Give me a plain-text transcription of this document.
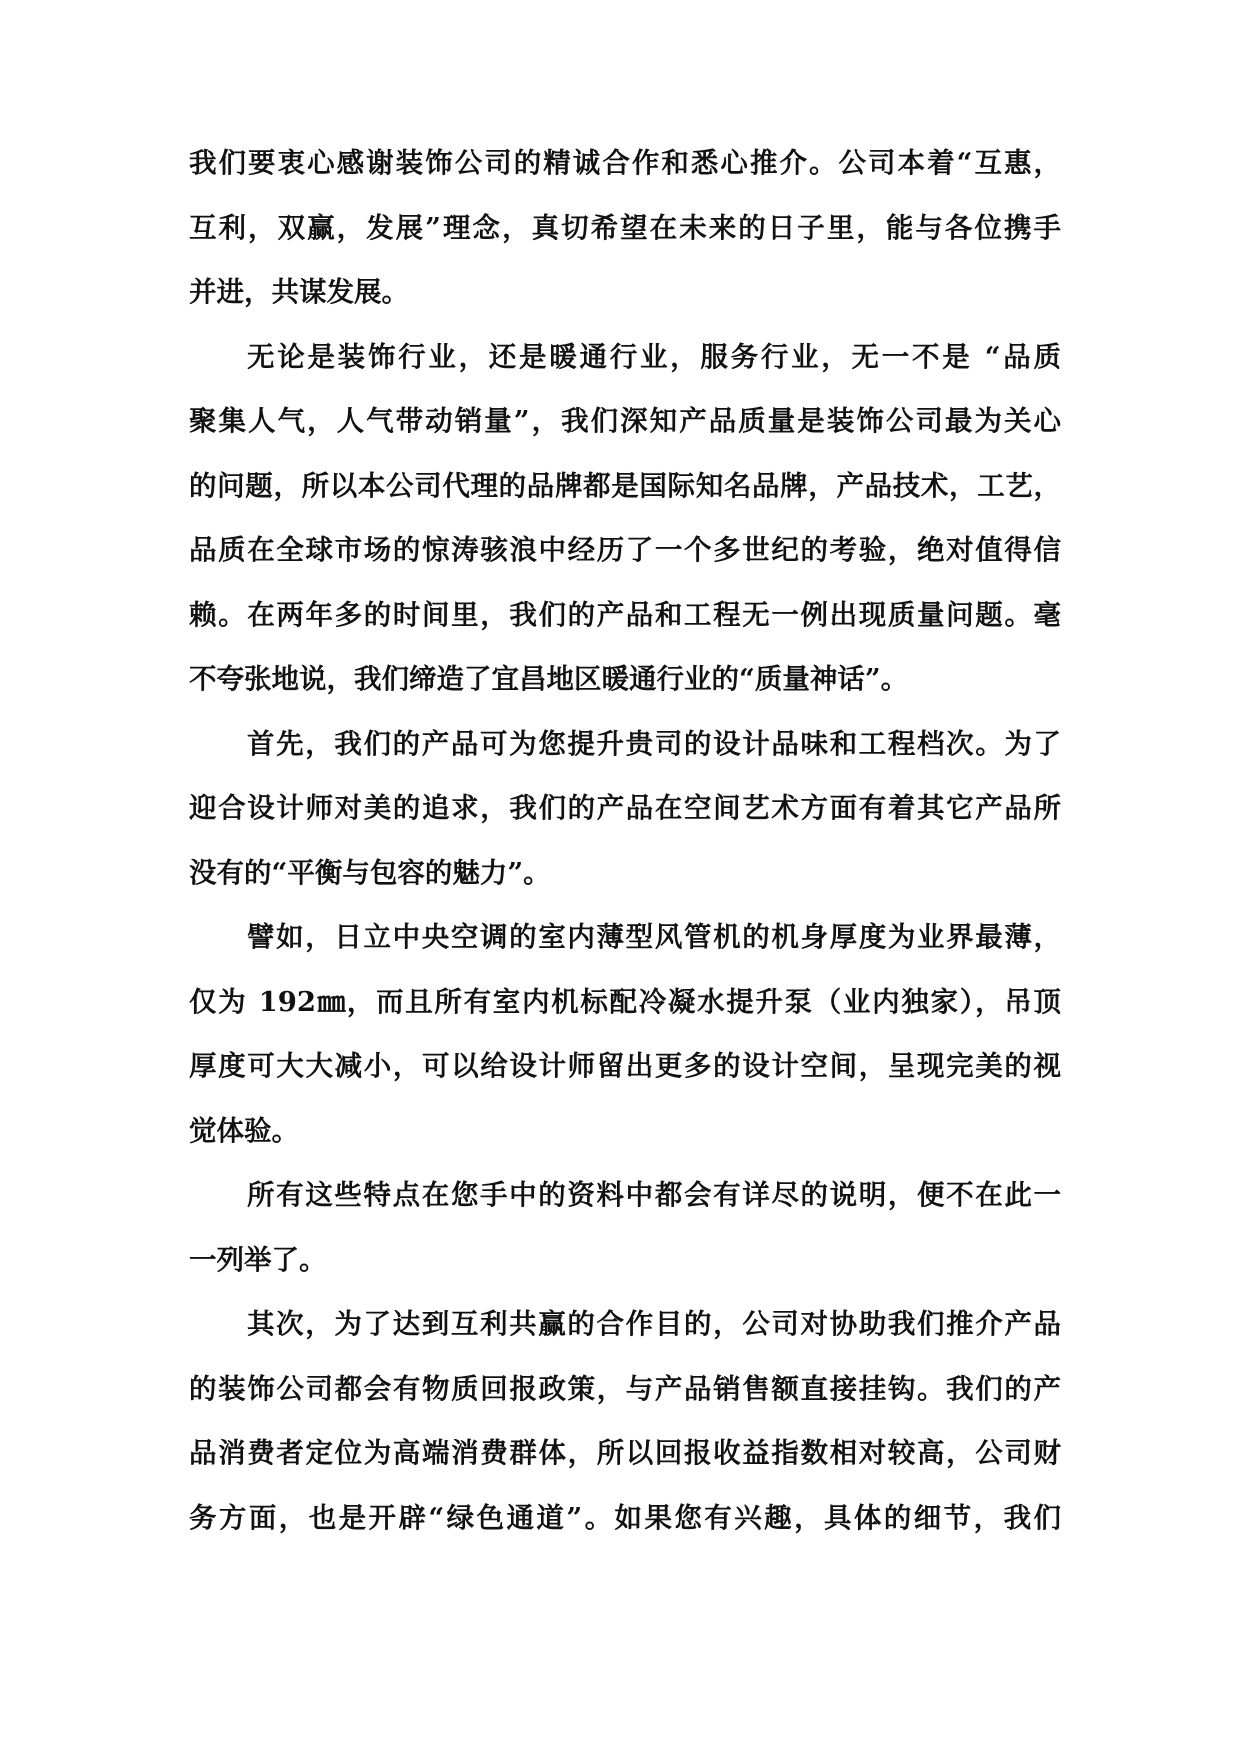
我们要衷心感谢装饰公司的精诚合作和悉心推介。公司本着“互惠，
互利，双赢，发展”理念，真切希望在未来的日子里，能与各位携手
并进，共谋发展。
无论是装饰行业，还是暖通行业，服务行业，无一不是 “品质
聚集人气，人气带动销量”，我们深知产品质量是装饰公司最为关心
的问题，所以本公司代理的品牌都是国际知名品牌，产品技术，工艺，
品质在全球市场的惊涛骇浪中经历了一个多世纪的考验，绝对值得信
赖。在两年多的时间里，我们的产品和工程无一例出现质量问题。毫
不夸张地说，我们缔造了宜昌地区暖通行业的“质量神话”。
首先，我们的产品可为您提升贵司的设计品味和工程档次。为了
迎合设计师对美的追求，我们的产品在空间艺术方面有着其它产品所
没有的“平衡与包容的魅力”。
譬如，日立中央空调的室内薄型风管机的机身厚度为业界最薄，
仅为 192㎜，而且所有室内机标配冷凝水提升泵（业内独家），吊顶
厚度可大大减小，可以给设计师留出更多的设计空间，呈现完美的视
觉体验。
所有这些特点在您手中的资料中都会有详尽的说明，便不在此一
一列举了。
其次，为了达到互利共赢的合作目的，公司对协助我们推介产品
的装饰公司都会有物质回报政策，与产品销售额直接挂钩。我们的产
品消费者定位为高端消费群体，所以回报收益指数相对较高，公司财
务方面，也是开辟“绿色通道”。如果您有兴趣，具体的细节，我们
